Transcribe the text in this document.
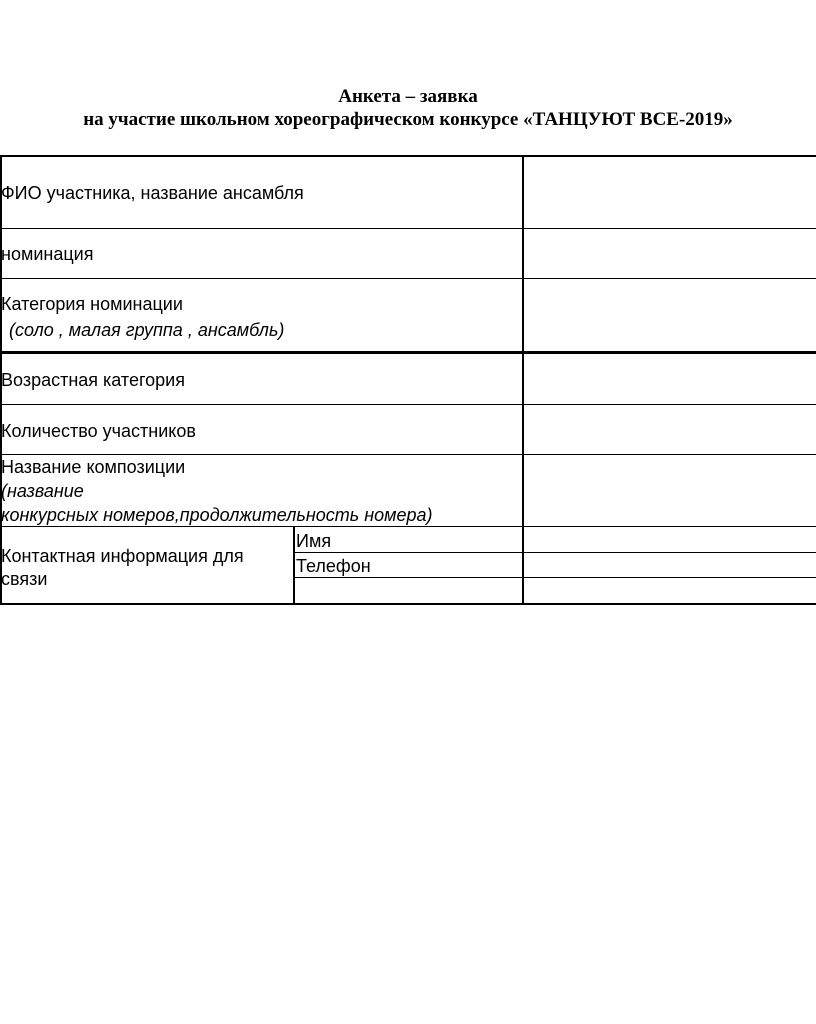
Анкета – заявка
на участие школьном хореографическом конкурсе «ТАНЦУЮТ ВСЕ-2019»
ФИО участника, название ансамбля
номинация
Категория номинации
(соло , малая группа , ансамбль)
Возрастная категория
Количество участников
Название композиции
(название
конкурсных номеров,продолжительность номера)
Контактная информация для
связи
Имя
Телефон
